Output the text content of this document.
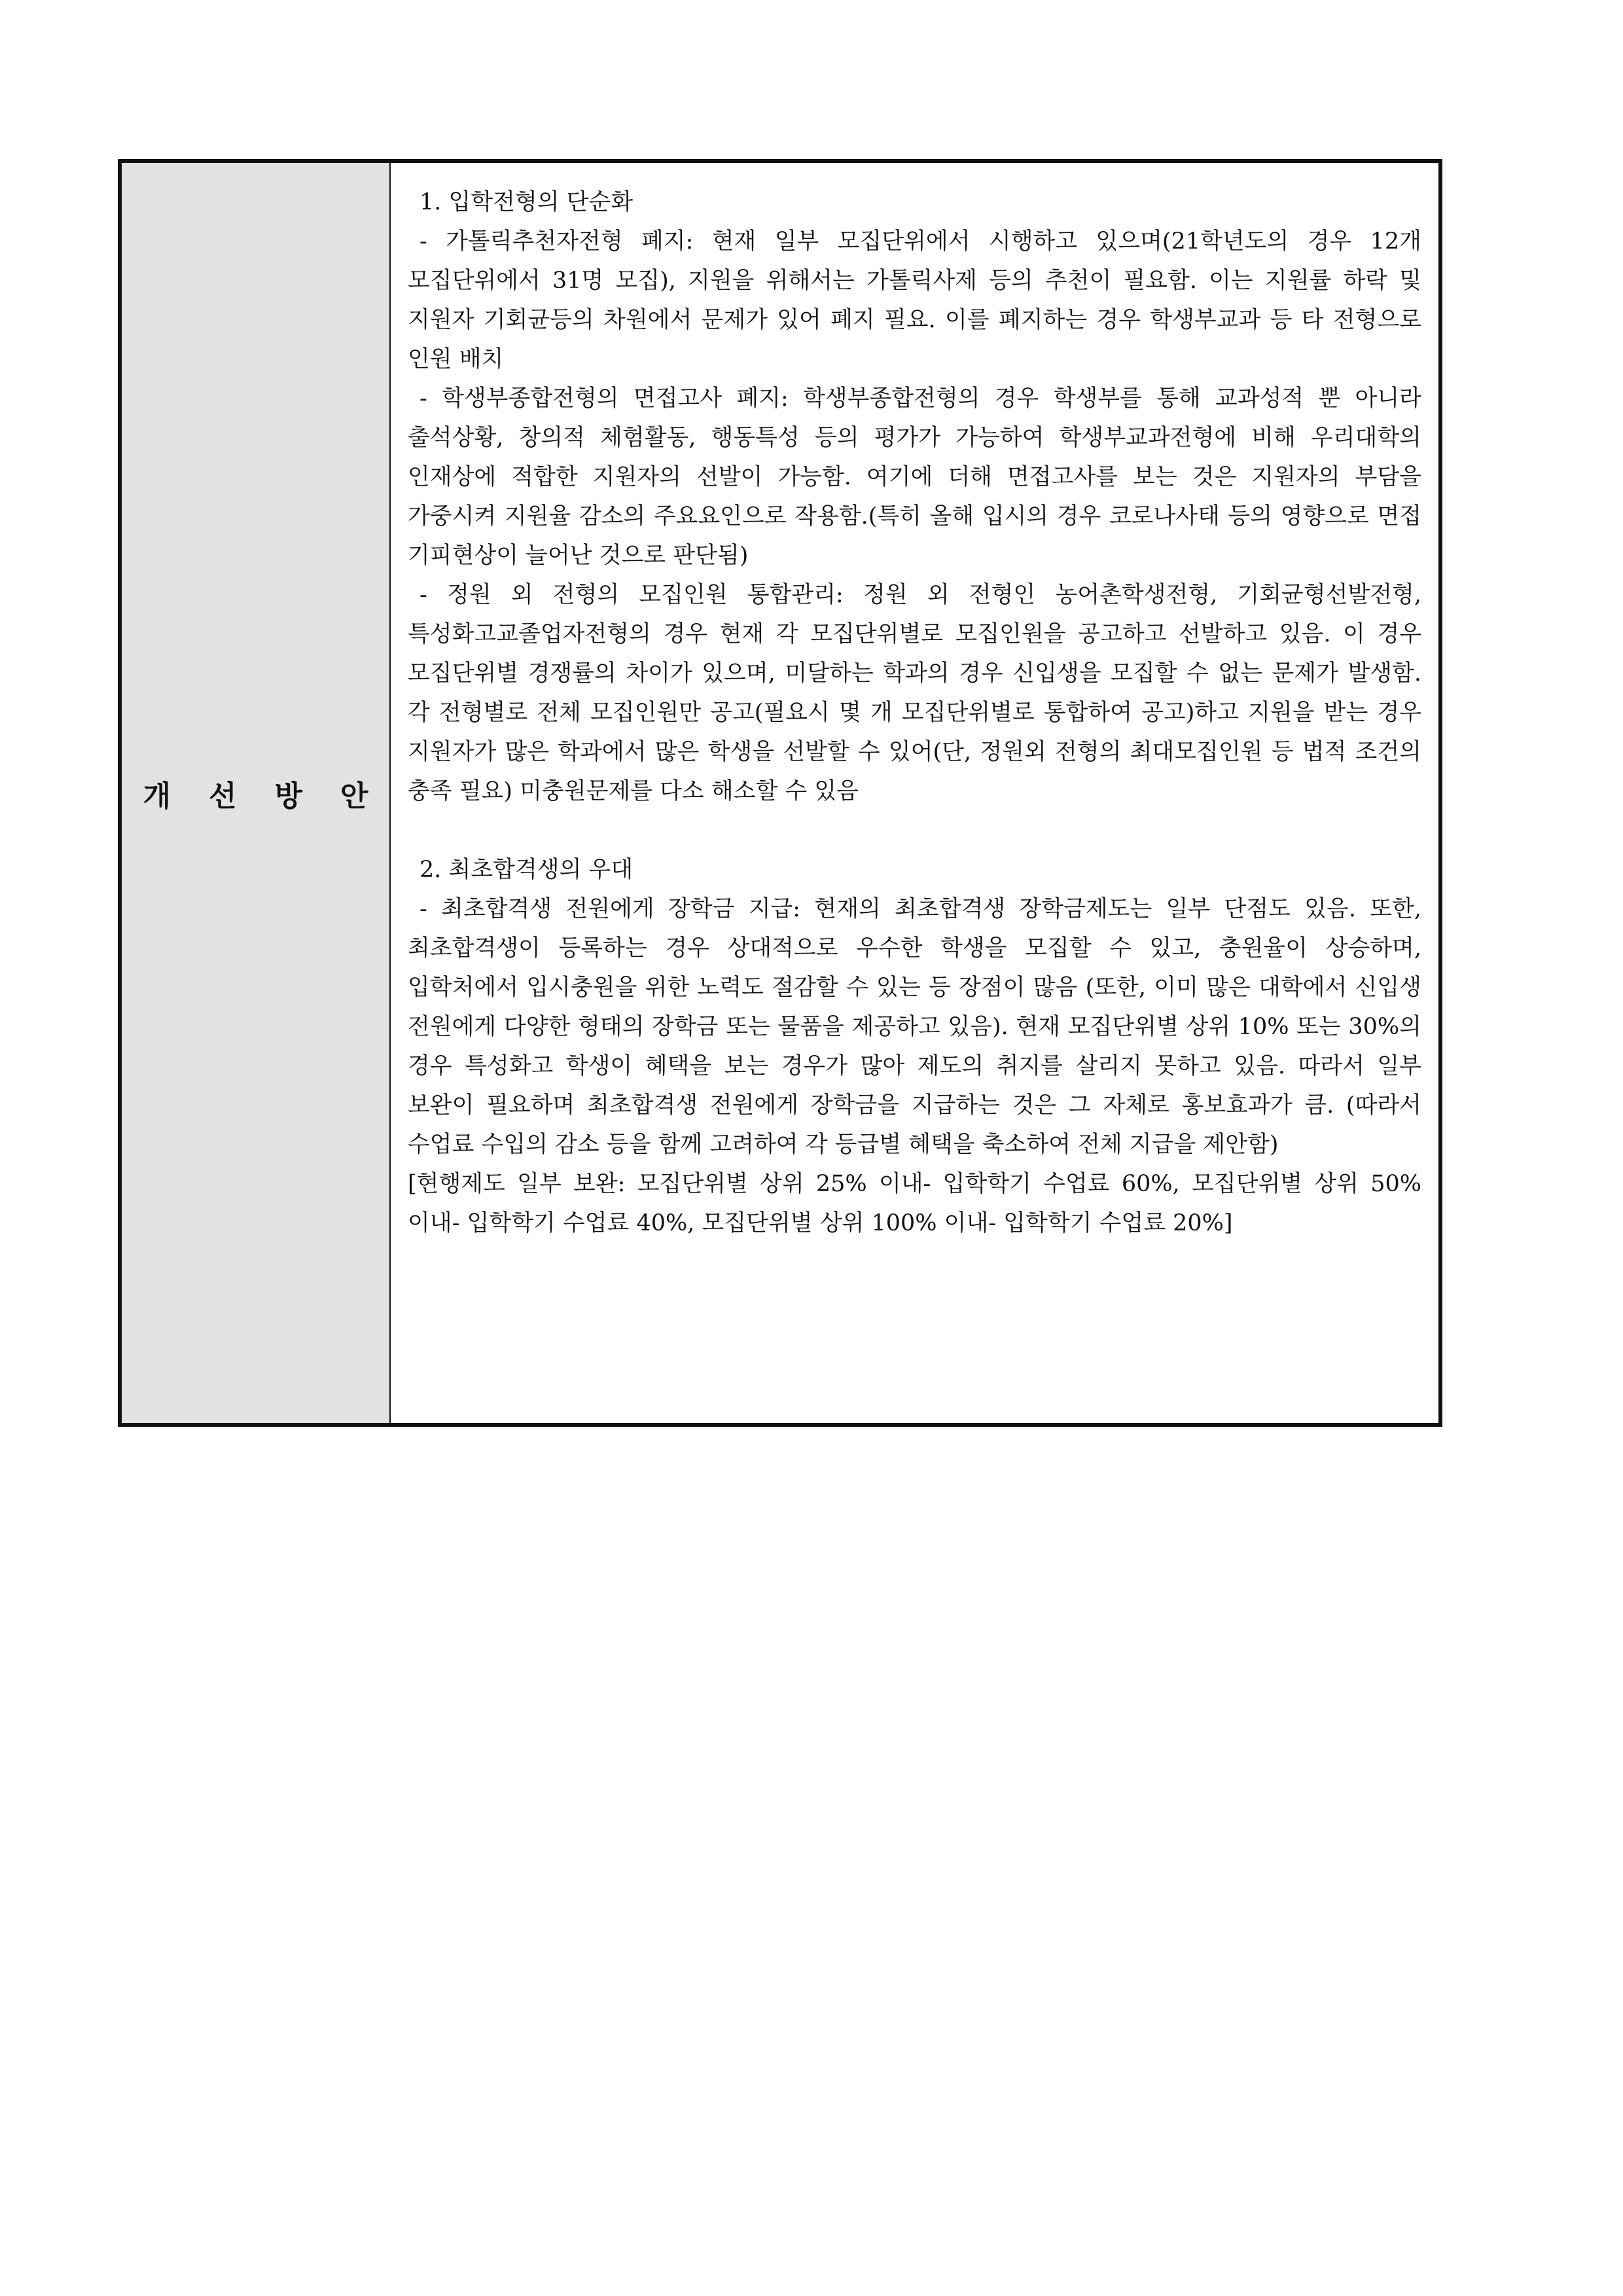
개선방안	

1. 입학전형의 단순화

- 가톨릭추천자전형 폐지: 현재 일부 모집단위에서 시행하고 있으며(21학년도의 경우 12개 모집단위에서 31명 모집), 지원을 위해서는 가톨릭사제 등의 추천이 필요함. 이는 지원률 하락 및 지원자 기회균등의 차원에서 문제가 있어 폐지 필요. 이를 폐지하는 경우 학생부교과 등 타 전형으로 인원 배치

- 학생부종합전형의 면접고사 폐지: 학생부종합전형의 경우 학생부를 통해 교과성적 뿐 아니라 출석상황, 창의적 체험활동, 행동특성 등의 평가가 가능하여 학생부교과전형에 비해 우리대학의 인재상에 적합한 지원자의 선발이 가능함. 여기에 더해 면접고사를 보는 것은 지원자의 부담을 가중시켜 지원율 감소의 주요요인으로 작용함.(특히 올해 입시의 경우 코로나사태 등의 영향으로 면접 기피현상이 늘어난 것으로 판단됨)

- 정원 외 전형의 모집인원 통합관리: 정원 외 전형인 농어촌학생전형, 기회균형선발전형, 특성화고교졸업자전형의 경우 현재 각 모집단위별로 모집인원을 공고하고 선발하고 있음. 이 경우 모집단위별 경쟁률의 차이가 있으며, 미달하는 학과의 경우 신입생을 모집할 수 없는 문제가 발생함. 각 전형별로 전체 모집인원만 공고(필요시 몇 개 모집단위별로 통합하여 공고)하고 지원을 받는 경우 지원자가 많은 학과에서 많은 학생을 선발할 수 있어(단, 정원외 전형의 최대모집인원 등 법적 조건의 충족 필요) 미충원문제를 다소 해소할 수 있음

2. 최초합격생의 우대

- 최초합격생 전원에게 장학금 지급: 현재의 최초합격생 장학금제도는 일부 단점도 있음. 또한, 최초합격생이 등록하는 경우 상대적으로 우수한 학생을 모집할 수 있고, 충원율이 상승하며, 입학처에서 입시충원을 위한 노력도 절감할 수 있는 등 장점이 많음 (또한, 이미 많은 대학에서 신입생 전원에게 다양한 형태의 장학금 또는 물품을 제공하고 있음). 현재 모집단위별 상위 10% 또는 30%의 경우 특성화고 학생이 혜택을 보는 경우가 많아 제도의 취지를 살리지 못하고 있음. 따라서 일부 보완이 필요하며 최초합격생 전원에게 장학금을 지급하는 것은 그 자체로 홍보효과가 큼. (따라서 수업료 수입의 감소 등을 함께 고려하여 각 등급별 혜택을 축소하여 전체 지급을 제안함)

[현행제도 일부 보완: 모집단위별 상위 25% 이내- 입학학기 수업료 60%, 모집단위별 상위 50% 이내- 입학학기 수업료 40%, 모집단위별 상위 100% 이내- 입학학기 수업료 20%]
